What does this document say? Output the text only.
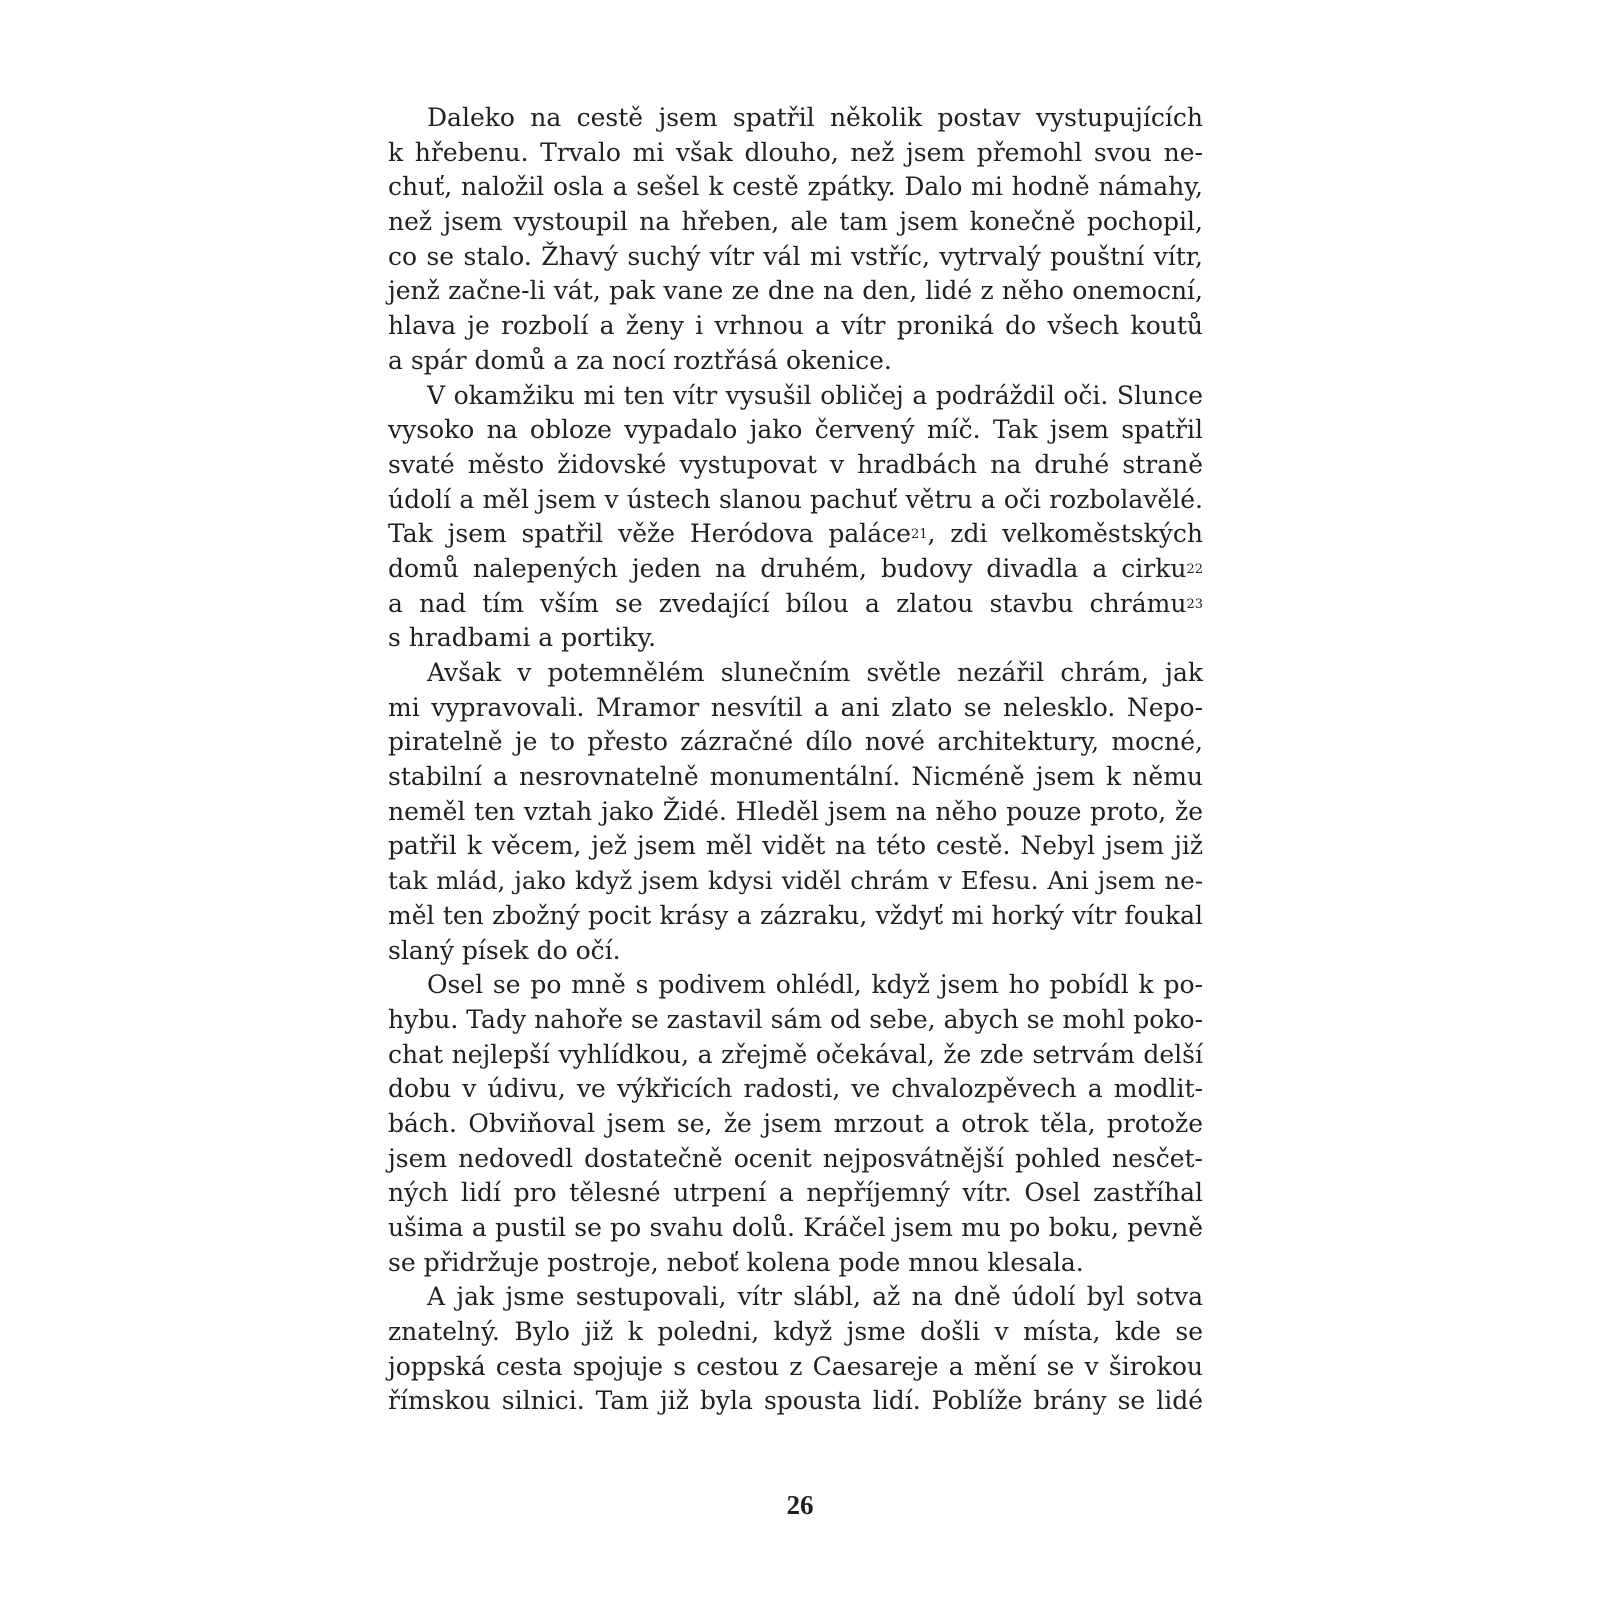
Daleko na cestě jsem spatřil několik postav vystupujících
k hřebenu. Trvalo mi však dlouho, než jsem přemohl svou ne-
chuť, naložil osla a sešel k cestě zpátky. Dalo mi hodně námahy,
než jsem vystoupil na hřeben, ale tam jsem konečně pochopil,
co se stalo. Žhavý suchý vítr vál mi vstříc, vytrvalý pouštní vítr,
jenž začne-li vát, pak vane ze dne na den, lidé z něho onemocní,
hlava je rozbolí a ženy i vrhnou a vítr proniká do všech koutů
a spár domů a za nocí roztřásá okenice.
V okamžiku mi ten vítr vysušil obličej a podráždil oči. Slunce
vysoko na obloze vypadalo jako červený míč. Tak jsem spatřil
svaté město židovské vystupovat v hradbách na druhé straně
údolí a měl jsem v ústech slanou pachuť větru a oči rozbolavělé.
Tak jsem spatřil věže Heródova paláce$^{21}$, zdi velkoměstských
domů nalepených jeden na druhém, budovy divadla a cirku$^{22}$
a nad tím vším se zvedající bílou a zlatou stavbu chrámu$^{23}$
s hradbami a portiky.
Avšak v potemnělém slunečním světle nezářil chrám, jak
mi vypravovali. Mramor nesvítil a ani zlato se nelesklo. Nepo-
piratelně je to přesto zázračné dílo nové architektury, mocné,
stabilní a nesrovnatelně monumentální. Nicméně jsem k němu
neměl ten vztah jako Židé. Hleděl jsem na něho pouze proto, že
patřil k věcem, jež jsem měl vidět na této cestě. Nebyl jsem již
tak mlád, jako když jsem kdysi viděl chrám v Efesu. Ani jsem ne-
měl ten zbožný pocit krásy a zázraku, vždyť mi horký vítr foukal
slaný písek do očí.
Osel se po mně s podivem ohlédl, když jsem ho pobídl k po-
hybu. Tady nahoře se zastavil sám od sebe, abych se mohl poko-
chat nejlepší vyhlídkou, a zřejmě očekával, že zde setrvám delší
dobu v údivu, ve výkřicích radosti, ve chvalozpěvech a modlit-
bách. Obviňoval jsem se, že jsem mrzout a otrok těla, protože
jsem nedovedl dostatečně ocenit nejposvátnější pohled nesčet-
ných lidí pro tělesné utrpení a nepříjemný vítr. Osel zastříhal
ušima a pustil se po svahu dolů. Kráčel jsem mu po boku, pevně
se přidržuje postroje, neboť kolena pode mnou klesala.
A jak jsme sestupovali, vítr slábl, až na dně údolí byl sotva
znatelný. Bylo již k poledni, když jsme došli v místa, kde se
joppská cesta spojuje s cestou z Caesareje a mění se v širokou
římskou silnici. Tam již byla spousta lidí. Poblíže brány se lidé
26
